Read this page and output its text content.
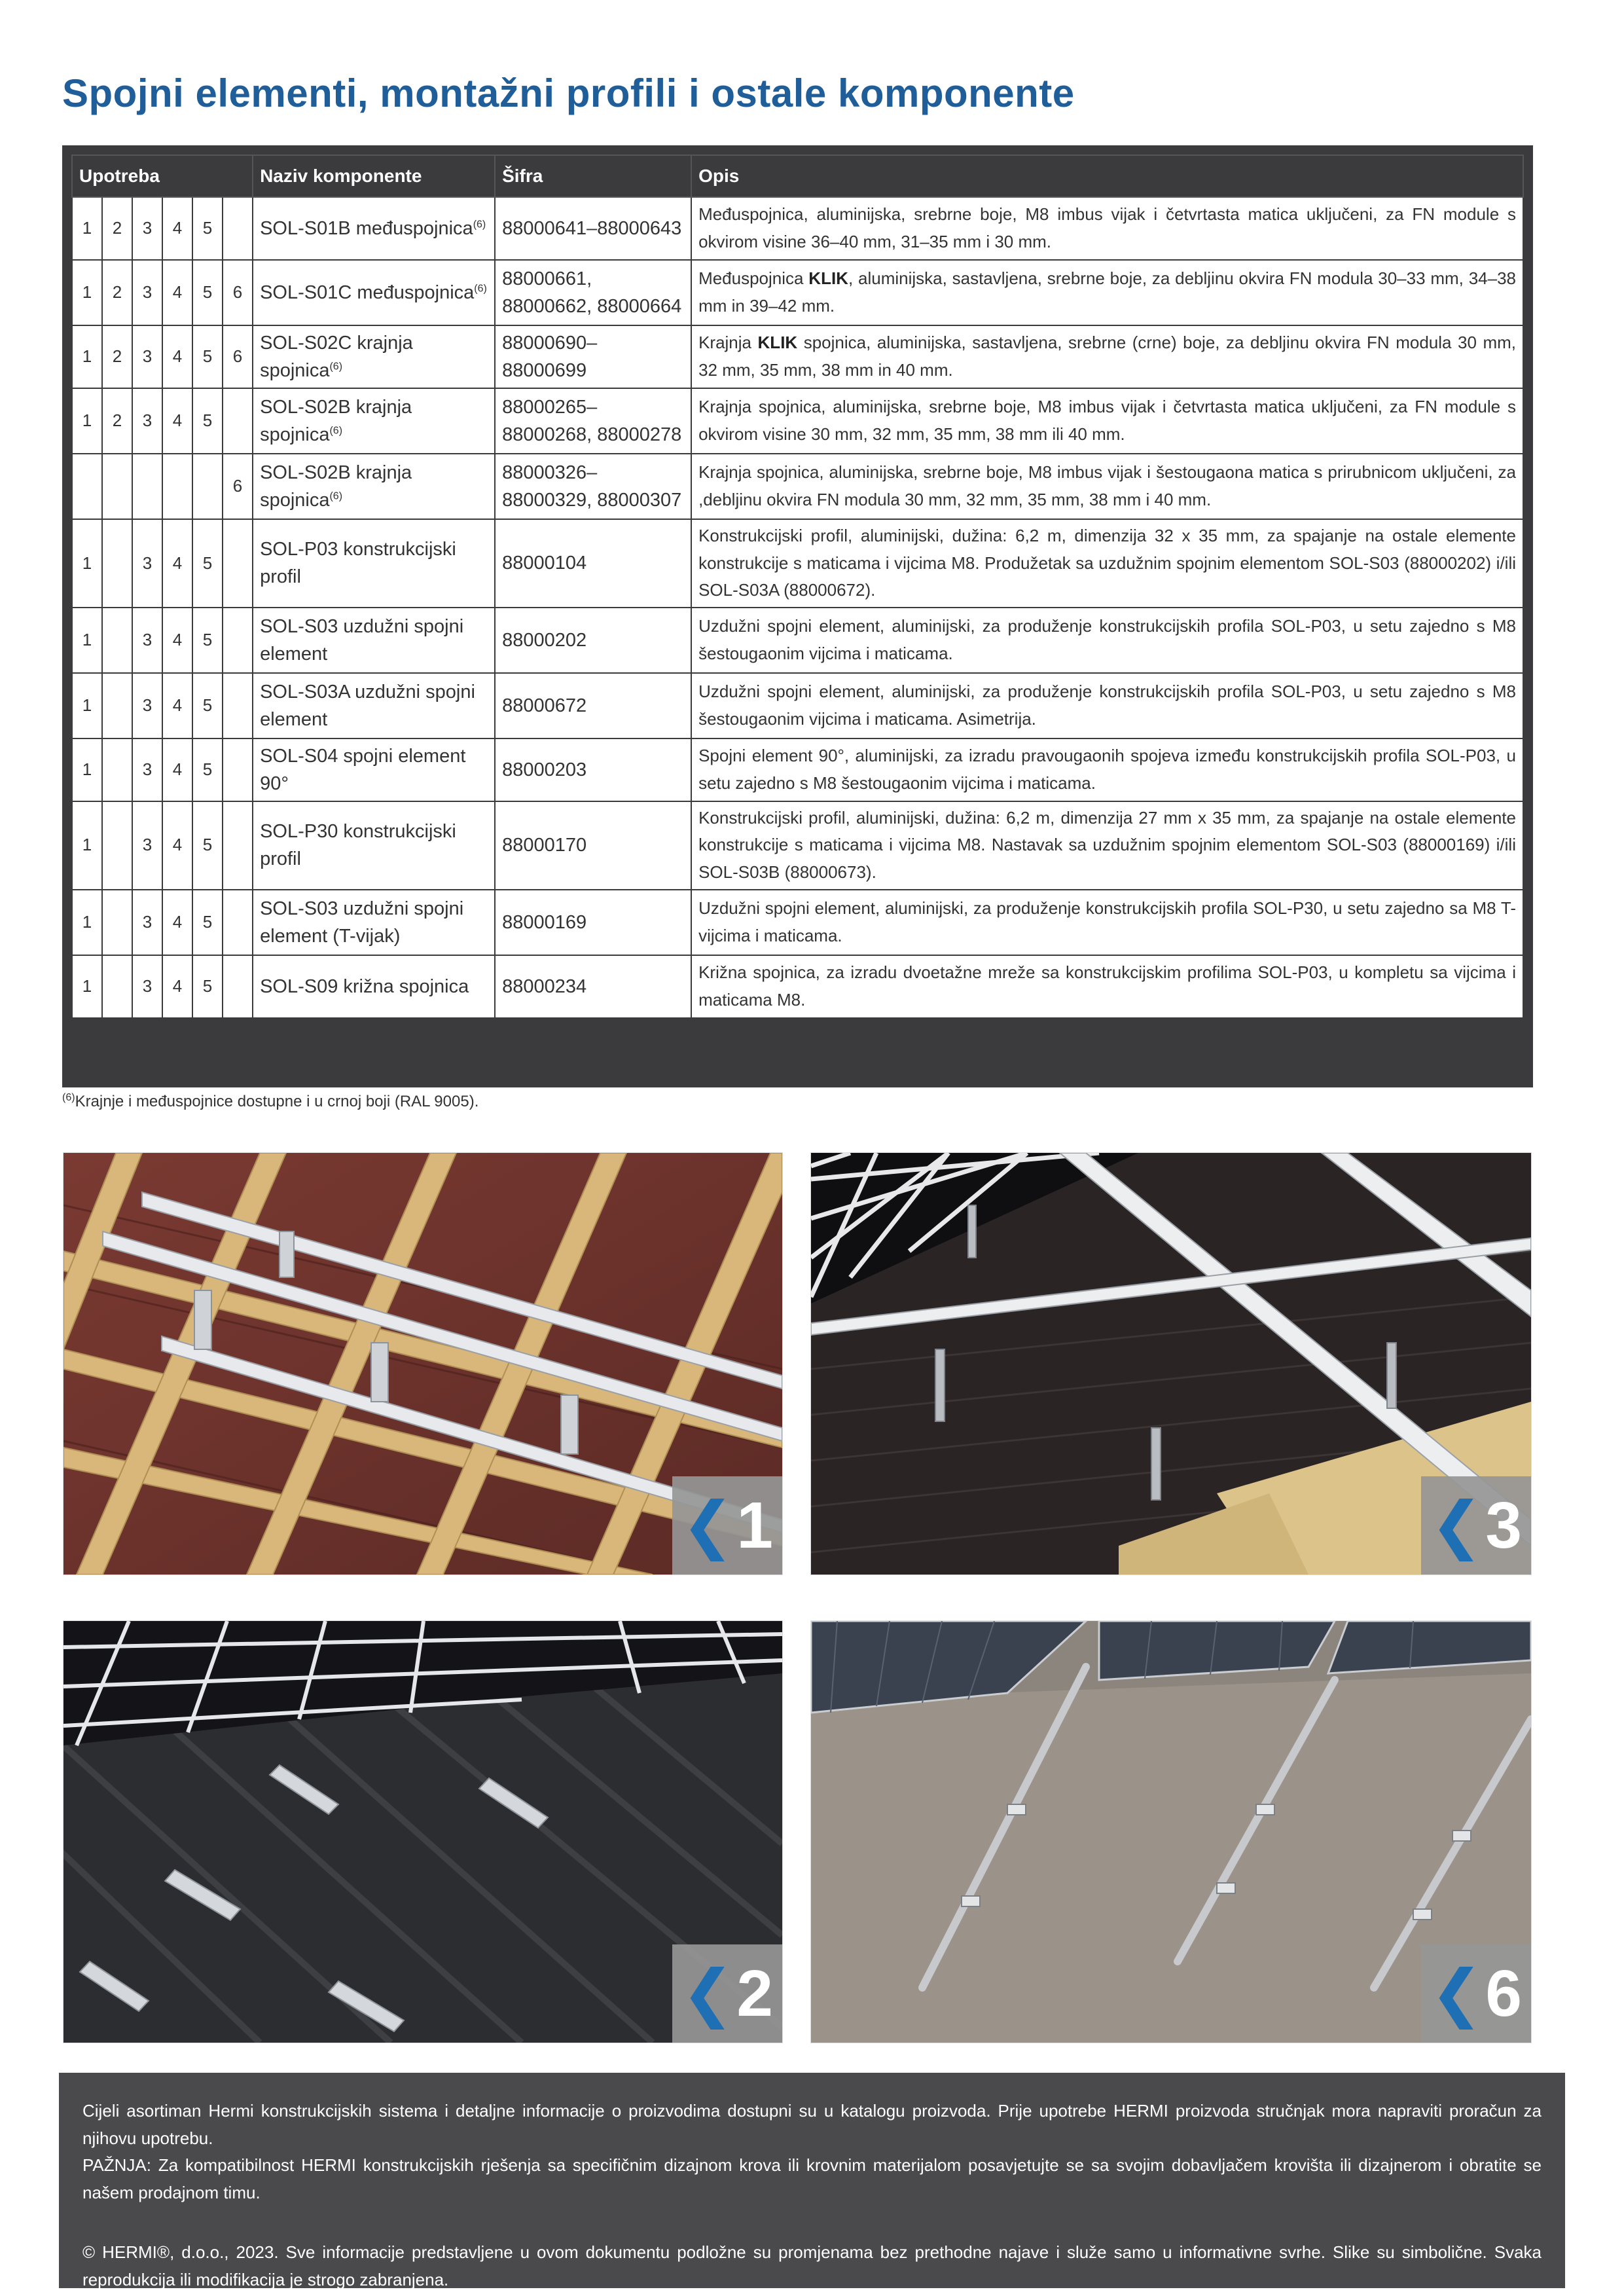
Spojni elementi, montažni profili i ostale komponente
Upotreba						Naziv komponente	Šifra	Opis
1	2	3	4	5		SOL-S01B međuspojnica$^{(6)}$	88000641–88000643	Međuspojnica, aluminijska, srebrne boje, M8 imbus vijak i četvrtasta matica uključeni, za FN module s okvirom visine 36–40 mm, 31–35 mm i 30 mm.
1	2	3	4	5	6	SOL-S01C međuspojnica$^{(6)}$	88000661, 88000662, 88000664	Međuspojnica KLIK, aluminijska, sastavljena, srebrne boje, za debljinu okvira FN modula 30–33 mm, 34–38 mm in 39–42 mm.
1	2	3	4	5	6	SOL-S02C krajnja spojnica$^{(6)}$	88000690– 88000699	Krajnja KLIK spojnica, aluminijska, sastavljena, srebrne (crne) boje, za debljinu okvira FN modula 30 mm, 32 mm, 35 mm, 38 mm in 40 mm.
1	2	3	4	5		SOL-S02B krajnja spojnica$^{(6)}$	88000265– 88000268, 88000278	Krajnja spojnica, aluminijska, srebrne boje, M8 imbus vijak i četvrtasta matica uključeni, za FN module s okvirom visine 30 mm, 32 mm, 35 mm, 38 mm ili 40 mm.
					6	SOL-S02B krajnja spojnica$^{(6)}$	88000326–88000329, 88000307	Krajnja spojnica, aluminijska, srebrne boje, M8 imbus vijak i šestougaona matica s prirubnicom uključeni, za ,debljinu okvira FN modula 30 mm, 32 mm, 35 mm, 38 mm i 40 mm.
1		3	4	5		SOL-P03 konstrukcijski profil	88000104	Konstrukcijski profil, aluminijski, dužina: 6,2 m, dimenzija 32 x 35 mm, za spajanje na ostale elemente konstrukcije s maticama i vijcima M8. Produžetak sa uzdužnim spojnim elementom SOL-S03 (88000202) i/ili SOL-S03A (88000672).
1		3	4	5		SOL-S03 uzdužni spojni element	88000202	Uzdužni spojni element, aluminijski, za produženje konstrukcijskih profila SOL-P03, u setu zajedno s M8 šestougaonim vijcima i maticama.
1		3	4	5		SOL-S03A uzdužni spojni element	88000672	Uzdužni spojni element, aluminijski, za produženje konstrukcijskih profila SOL-P03, u setu zajedno s M8 šestougaonim vijcima i maticama. Asimetrija.
1		3	4	5		SOL-S04 spojni element 90°	88000203	Spojni element 90°, aluminijski, za izradu pravougaonih spojeva između konstrukcijskih profila SOL-P03, u setu zajedno s M8 šestougaonim vijcima i maticama.
1		3	4	5		SOL-P30 konstrukcijski profil	88000170	Konstrukcijski profil, aluminijski, dužina: 6,2 m, dimenzija 27 mm x 35 mm, za spajanje na ostale elemente konstrukcije s maticama i vijcima M8. Nastavak sa uzdužnim spojnim elementom SOL-S03 (88000169) i/ili SOL-S03B (88000673).
1		3	4	5		SOL-S03 uzdužni spojni element (T-vijak)	88000169	Uzdužni spojni element, aluminijski, za produženje konstrukcijskih profila SOL-P30, u setu zajedno sa M8 T-vijcima i maticama.
1		3	4	5		SOL-S09 križna spojnica	88000234	Križna spojnica, za izradu dvoetažne mreže sa konstrukcijskim profilima SOL-P03, u kompletu sa vijcima i maticama M8.
$^{(6)}$Krajnje i međuspojnice dostupne i u crnoj boji (RAL 9005).
❮ 1	❮ 3
❮ 2	❮ 6

Cijeli asortiman Hermi konstrukcijskih sistema i detaljne informacije o proizvodima dostupni su u katalogu proizvoda. Prije upotrebe HERMI proizvoda stručnjak mora napraviti proračun za njihovu upotrebu.

PAŽNJA: Za kompatibilnost HERMI konstrukcijskih rješenja sa specifičnim dizajnom krova ili krovnim materijalom posavjetujte se sa svojim dobavljačem krovišta ili dizajnerom i obratite se našem prodajnom timu.

© HERMI®, d.o.o., 2023. Sve informacije predstavljene u ovom dokumentu podložne su promjenama bez prethodne najave i služe samo u informativne svrhe. Slike su simbolične. Svaka reprodukcija ili modifikacija je strogo zabranjena.
